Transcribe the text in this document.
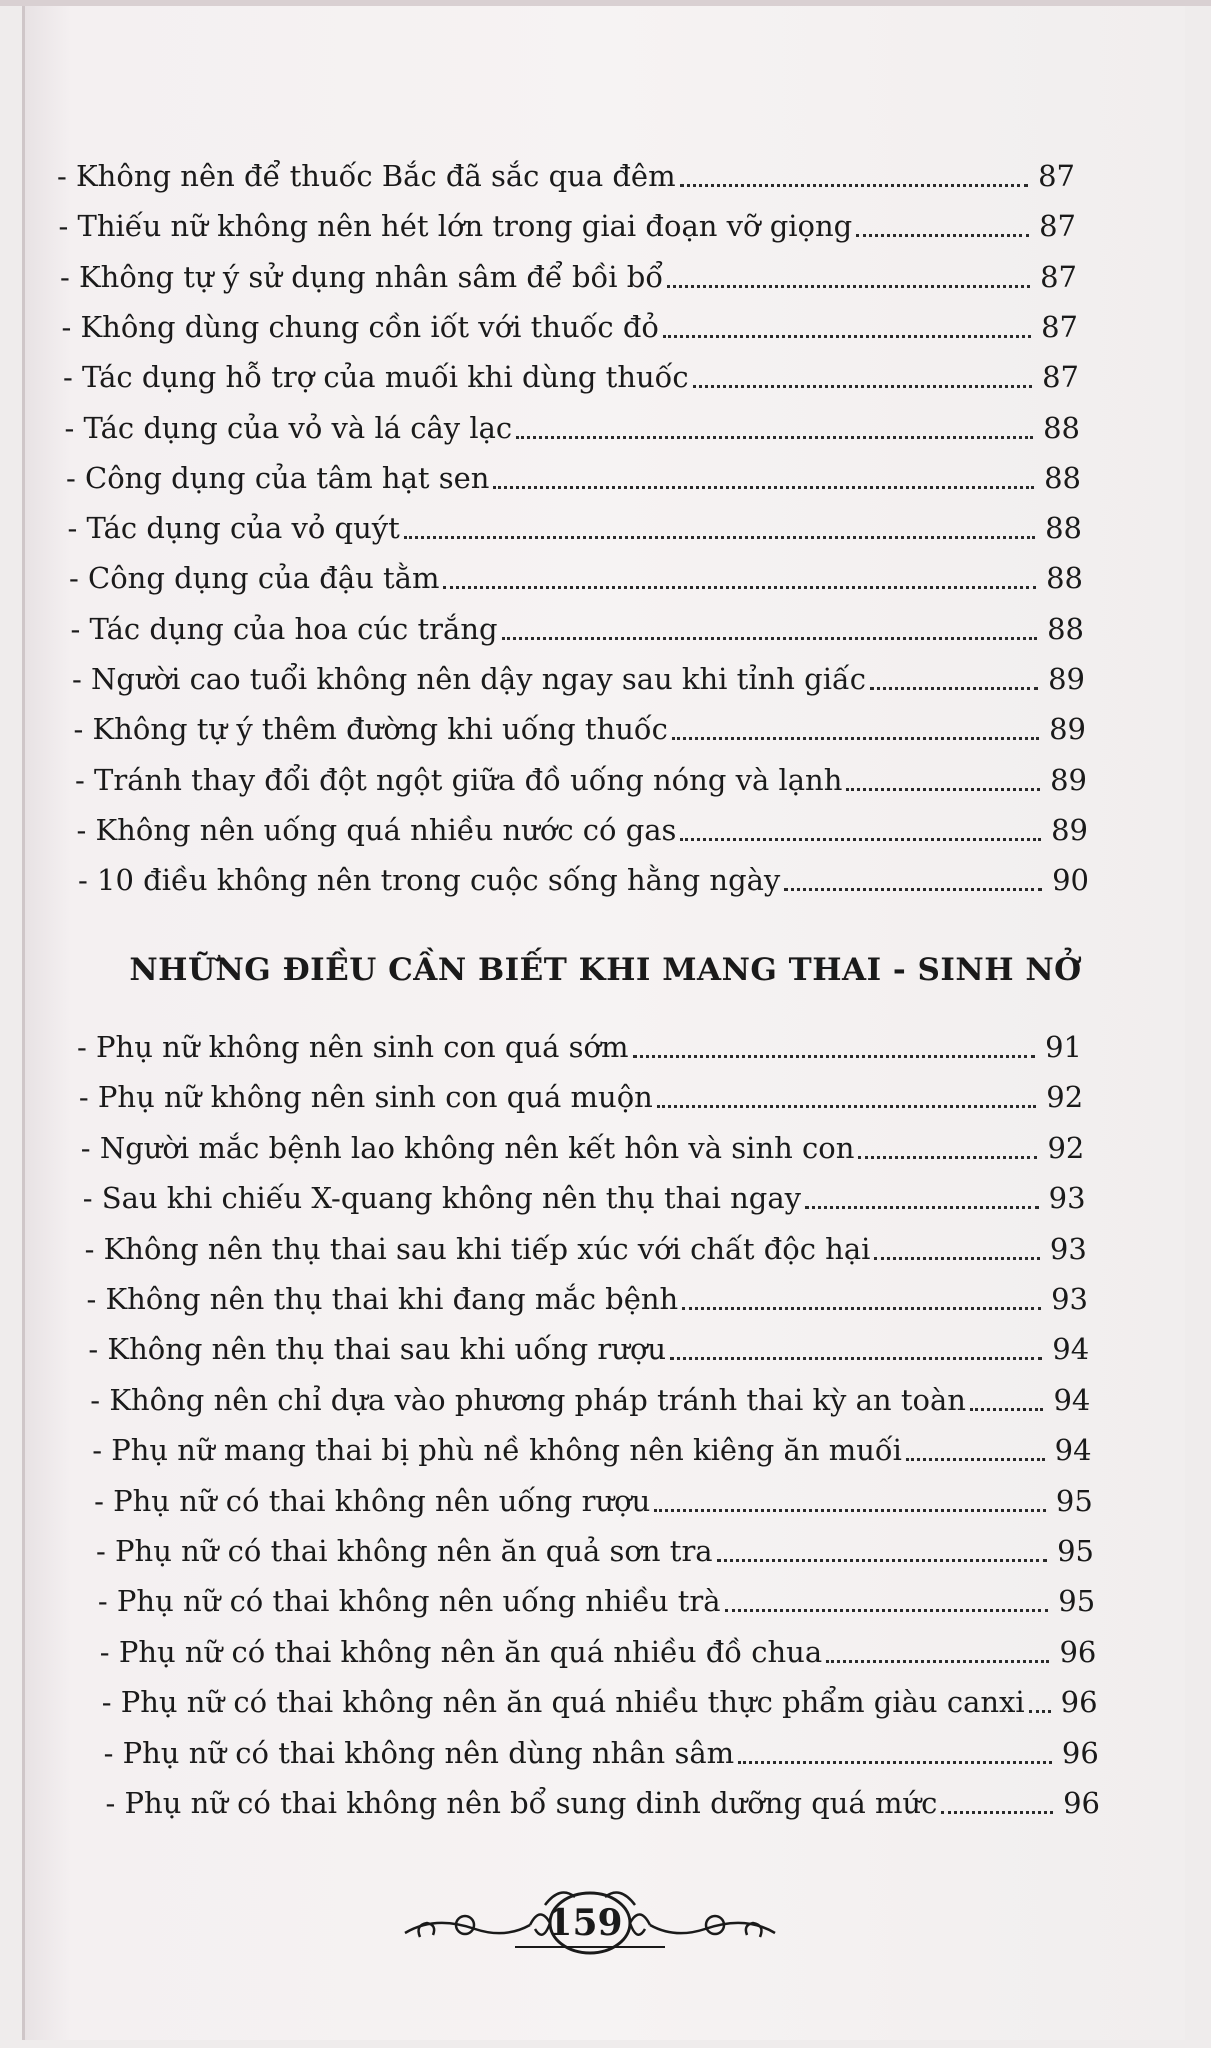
- Không nên để thuốc Bắc đã sắc qua đêm	87
- Thiếu nữ không nên hét lớn trong giai đoạn vỡ giọng	87
- Không tự ý sử dụng nhân sâm để bồi bổ	87
- Không dùng chung cồn iốt với thuốc đỏ	87
- Tác dụng hỗ trợ của muối khi dùng thuốc	87
- Tác dụng của vỏ và lá cây lạc	88
- Công dụng của tâm hạt sen	88
- Tác dụng của vỏ quýt	88
- Công dụng của đậu tằm	88
- Tác dụng của hoa cúc trắng	88
- Người cao tuổi không nên dậy ngay sau khi tỉnh giấc	89
- Không tự ý thêm đường khi uống thuốc	89
- Tránh thay đổi đột ngột giữa đồ uống nóng và lạnh	89
- Không nên uống quá nhiều nước có gas	89
- 10 điều không nên trong cuộc sống hằng ngày	90
NHỮNG ĐIỀU CẦN BIẾT KHI MANG THAI - SINH NỞ
- Phụ nữ không nên sinh con quá sớm	91
- Phụ nữ không nên sinh con quá muộn	92
- Người mắc bệnh lao không nên kết hôn và sinh con	92
- Sau khi chiếu X-quang không nên thụ thai ngay	93
- Không nên thụ thai sau khi tiếp xúc với chất độc hại	93
- Không nên thụ thai khi đang mắc bệnh	93
- Không nên thụ thai sau khi uống rượu	94
- Không nên chỉ dựa vào phương pháp tránh thai kỳ an toàn	94
- Phụ nữ mang thai bị phù nề không nên kiêng ăn muối	94
- Phụ nữ có thai không nên uống rượu	95
- Phụ nữ có thai không nên ăn quả sơn tra	95
- Phụ nữ có thai không nên uống nhiều trà	95
- Phụ nữ có thai không nên ăn quá nhiều đồ chua	96
- Phụ nữ có thai không nên ăn quá nhiều thực phẩm giàu canxi 96
- Phụ nữ có thai không nên dùng nhân sâm	96
- Phụ nữ có thai không nên bổ sung dinh dưỡng quá mức	96
159
